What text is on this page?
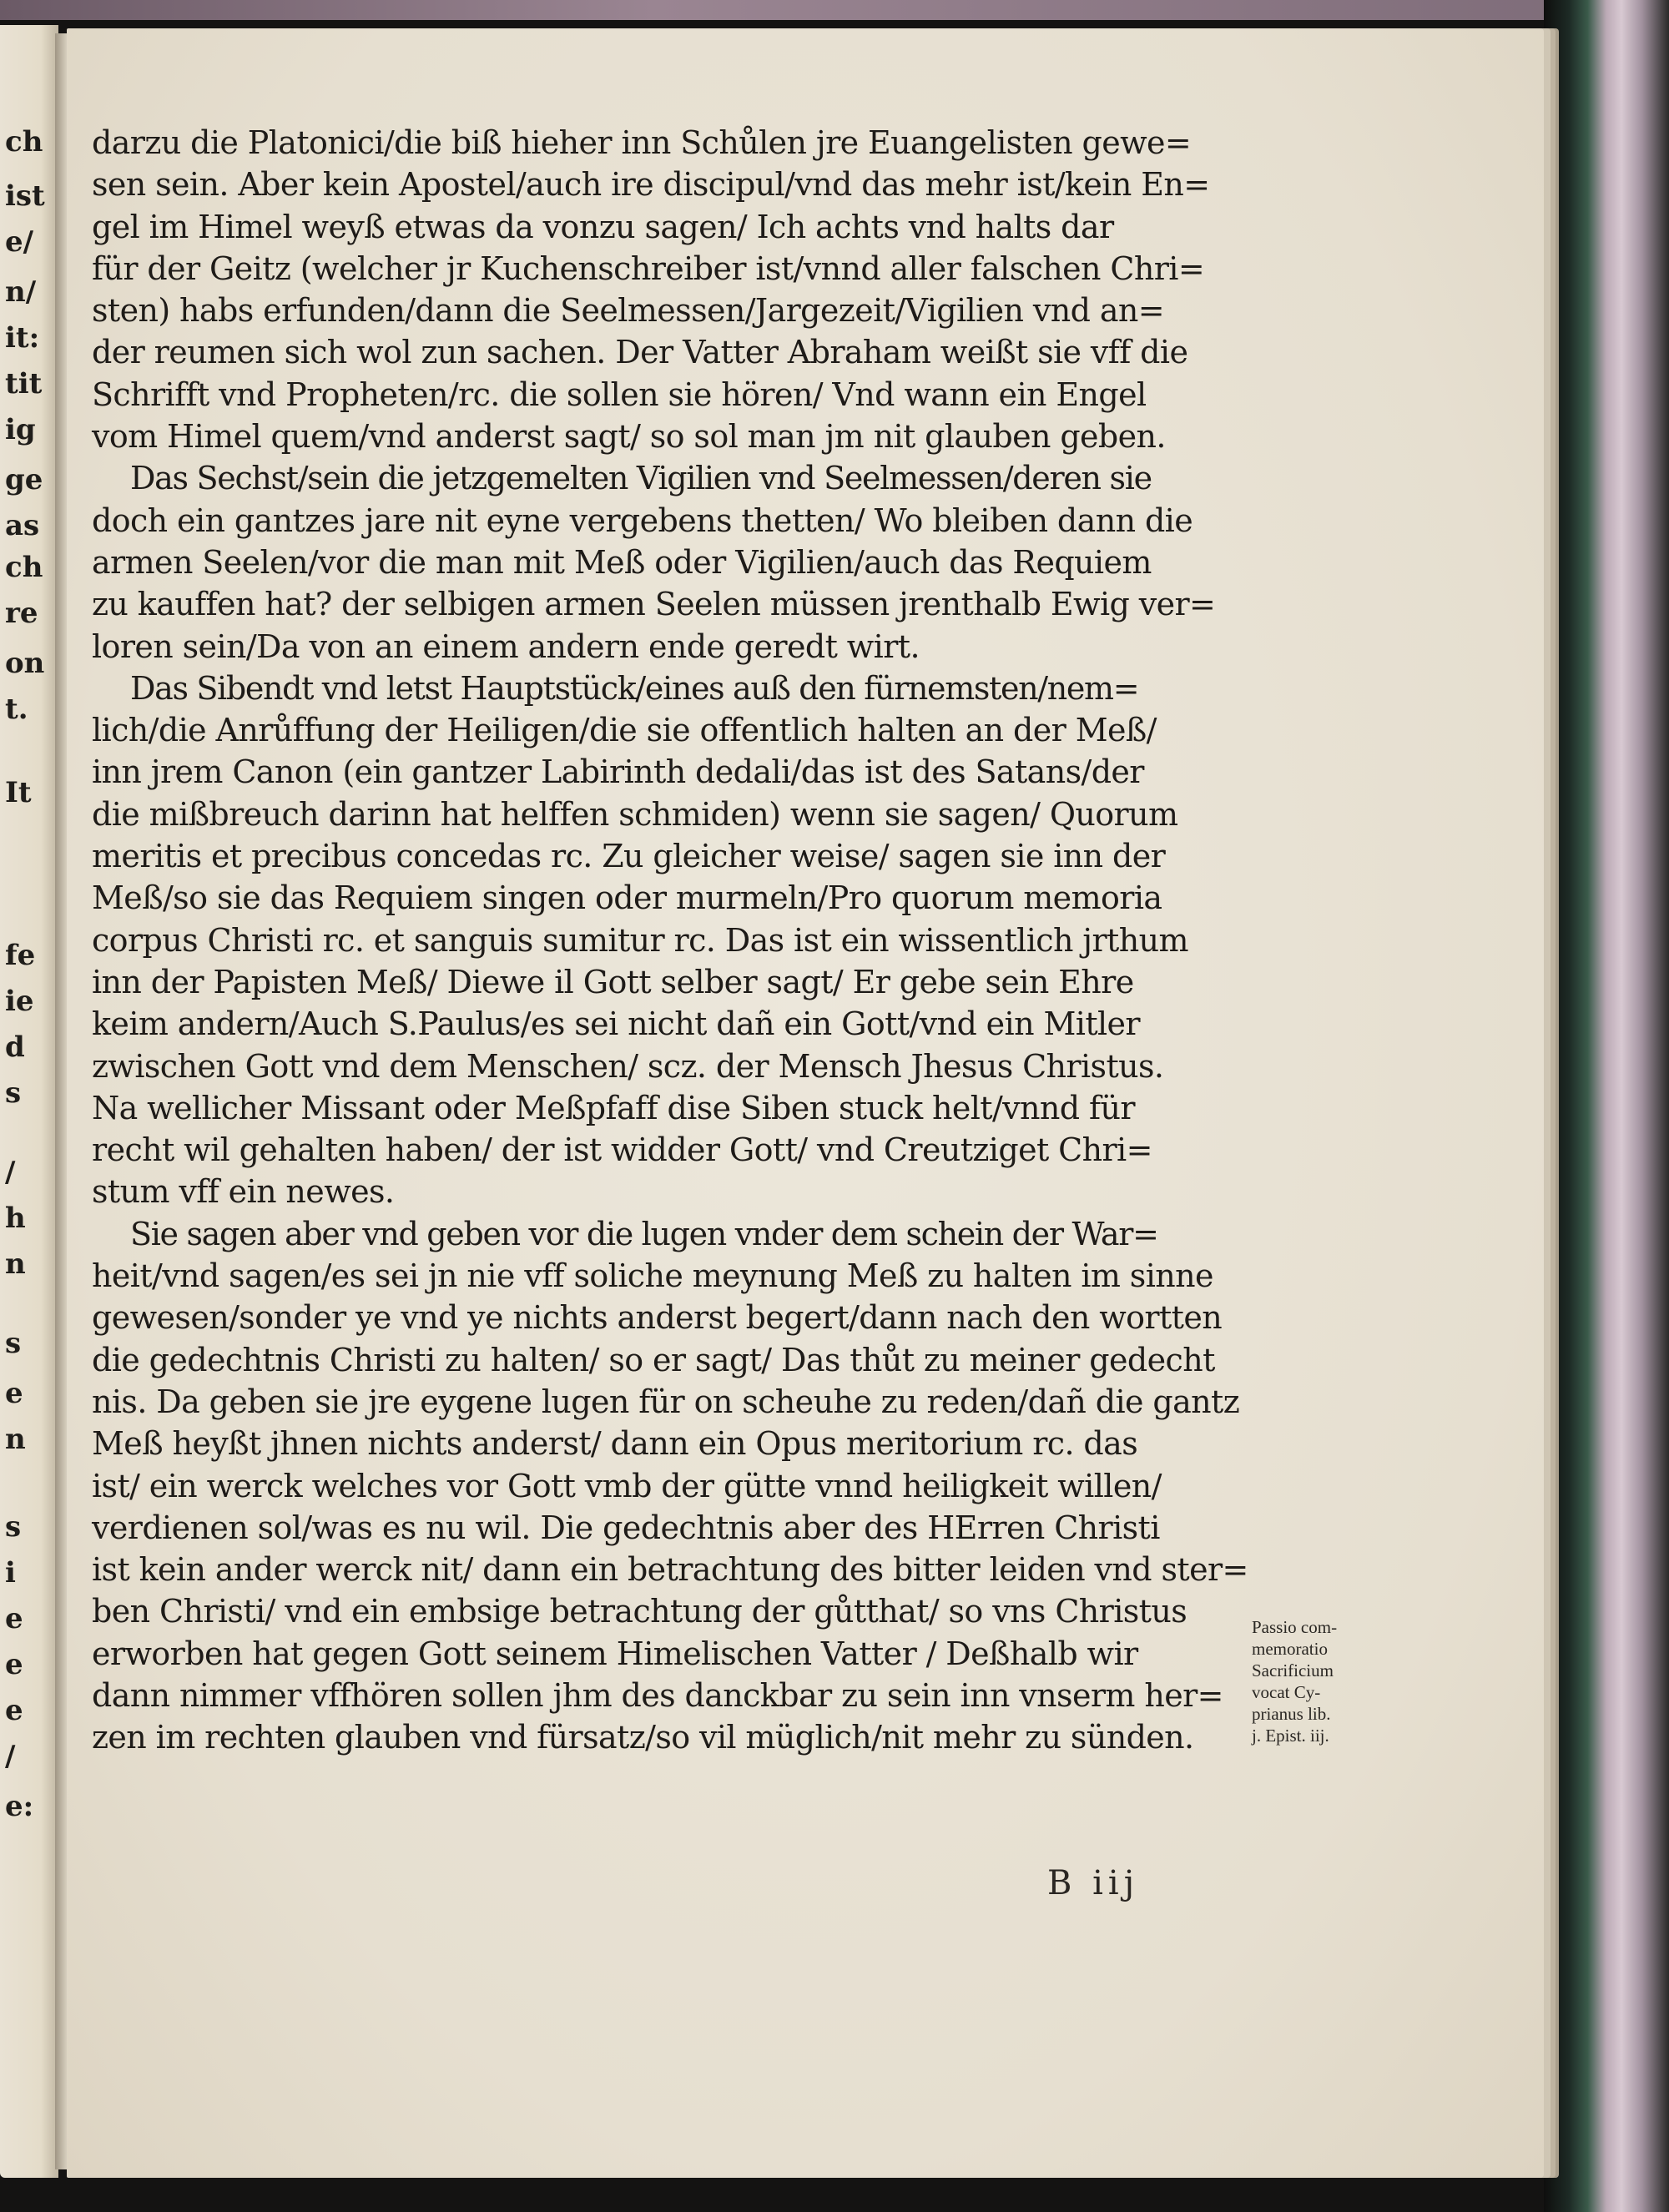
ch
ist
e/
n/
it:
tit
ig
ge
as
ch
re
on
t.
It
fe
ie
d
s
/
h
n
s
e
n
s
i
e
e
e
/
e:
darzu die Platonici/die biß hieher inn Schůlen jre Euangelisten gewe=
sen sein. Aber kein Apostel/auch ire discipul/vnd das mehr ist/kein En=
gel im Himel weyß etwas da vonzu sagen/ Ich achts vnd halts dar
für der Geitz (welcher jr Kuchenschreiber ist/vnnd aller falschen Chri=
sten) habs erfunden/dann die Seelmessen/Jargezeit/Vigilien vnd an=
der reumen sich wol zun sachen. Der Vatter Abraham weißt sie vff die
Schrifft vnd Propheten/rc. die sollen sie hören/ Vnd wann ein Engel
vom Himel quem/vnd anderst sagt/ so sol man jm nit glauben geben.
Das Sechst/sein die jetzgemelten Vigilien vnd Seelmessen/deren sie
doch ein gantzes jare nit eyne vergebens thetten/ Wo bleiben dann die
armen Seelen/vor die man mit Meß oder Vigilien/auch das Requiem
zu kauffen hat? der selbigen armen Seelen müssen jrenthalb Ewig ver=
loren sein/Da von an einem andern ende geredt wirt.
Das Sibendt vnd letst Hauptstück/eines auß den fürnemsten/nem=
lich/die Anrůffung der Heiligen/die sie offentlich halten an der Meß/
inn jrem Canon (ein gantzer Labirinth dedali/das ist des Satans/der
die mißbreuch darinn hat helffen schmiden) wenn sie sagen/ Quorum
meritis et precibus concedas rc. Zu gleicher weise/ sagen sie inn der
Meß/so sie das Requiem singen oder murmeln/Pro quorum memoria
corpus Christi rc. et sanguis sumitur rc. Das ist ein wissentlich jrthum
inn der Papisten Meß/ Diewe il Gott selber sagt/ Er gebe sein Ehre
keim andern/Auch S.Paulus/es sei nicht dañ ein Gott/vnd ein Mitler
zwischen Gott vnd dem Menschen/ scz. der Mensch Jhesus Christus.
Na wellicher Missant oder Meßpfaff dise Siben stuck helt/vnnd für
recht wil gehalten haben/ der ist widder Gott/ vnd Creutziget Chri=
stum vff ein newes.
Sie sagen aber vnd geben vor die lugen vnder dem schein der War=
heit/vnd sagen/es sei jn nie vff soliche meynung Meß zu halten im sinne
gewesen/sonder ye vnd ye nichts anderst begert/dann nach den wortten
die gedechtnis Christi zu halten/ so er sagt/ Das thůt zu meiner gedecht
nis. Da geben sie jre eygene lugen für on scheuhe zu reden/dañ die gantz
Meß heyßt jhnen nichts anderst/ dann ein Opus meritorium rc. das
ist/ ein werck welches vor Gott vmb der gütte vnnd heiligkeit willen/
verdienen sol/was es nu wil. Die gedechtnis aber des HErren Christi
ist kein ander werck nit/ dann ein betrachtung des bitter leiden vnd ster=
ben Christi/ vnd ein embsige betrachtung der gůtthat/ so vns Christus
erworben hat gegen Gott seinem Himelischen Vatter / Deßhalb wir
dann nimmer vffhören sollen jhm des danckbar zu sein inn vnserm her=
zen im rechten glauben vnd fürsatz/so vil müglich/nit mehr zu sünden.
Passio com-
memoratio
Sacrificium
vocat Cy-
prianus lib.
j. Epist. iij.
B iij
